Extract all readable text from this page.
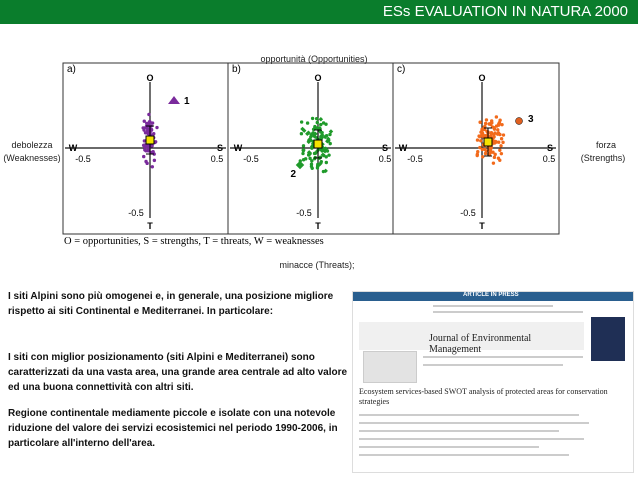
ESs EVALUATION IN NATURA 2000
opportunità (Opportunities)
minacce (Threats);
debolezza
(Weaknesses)
forza
(Strengths)
a)
O
T
W	S
-0.5	0.5
-0.5
1
b)
O
T
W	S
-0.5	0.5
-0.5
2
c)
O
T
W	S
-0.5	0.5
-0.5
3
O = opportunities, S = strengths, T = threats, W = weaknesses
I siti Alpini sono più omogenei e, in generale, una posizione migliore rispetto ai siti Continental e Mediterranei. In particolare:
I siti con miglior posizionamento (siti Alpini e Mediterranei) sono caratterizzati da una vasta area, una grande area centrale ad alto valore ed una buona connettività con altri siti.
Regione continentale mediamente piccole e isolate con una notevole riduzione del valore dei servizi ecosistemici nel periodo 1990-2006, in particolare all'interno dell'area.
ARTICLE IN PRESS
Journal of Environmental Management
Ecosystem services-based SWOT analysis of protected areas for conservation strategies
